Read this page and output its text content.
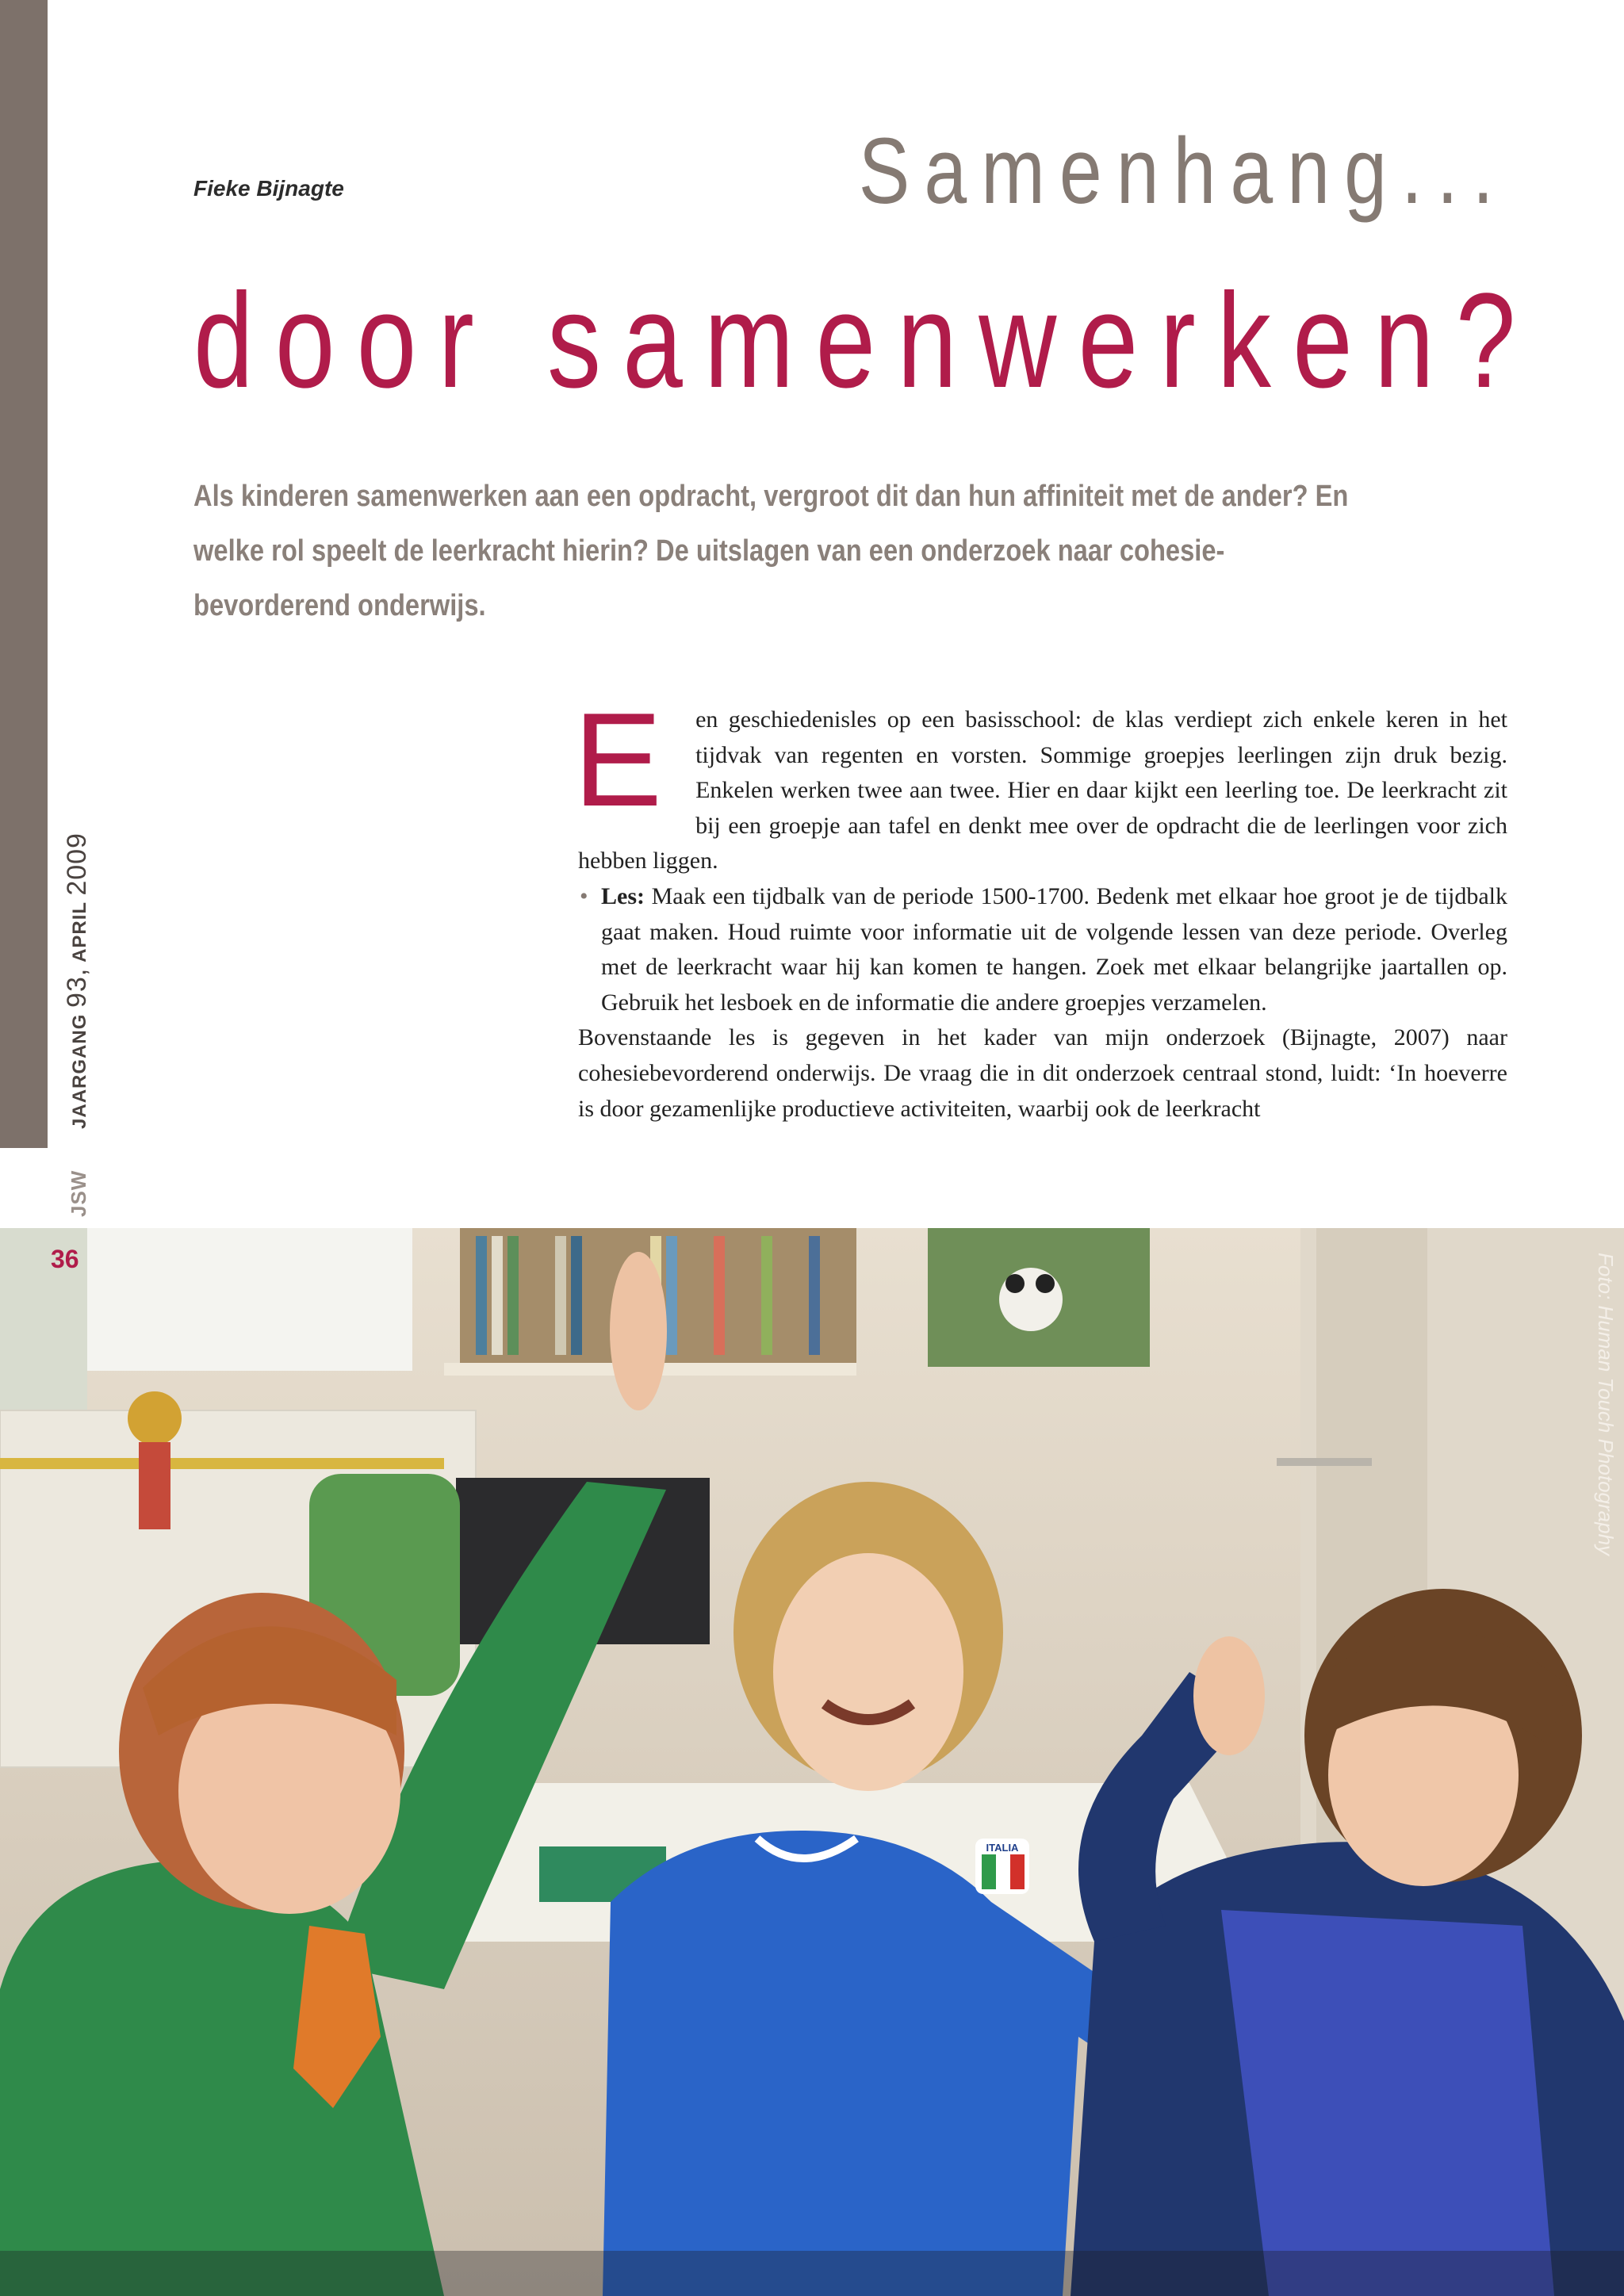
JSW JAARGANG 93, APRIL 2009
Fieke Bijnagte	Samenhang...
door samenwerken?
Als kinderen samenwerken aan een opdracht, vergroot dit dan hun affiniteit met de ander? En welke rol speelt de leerkracht hierin? De uitslagen van een onderzoek naar cohesie- bevorderend onderwijs.

E en geschiedenisles op een basisschool: de klas verdiept zich enkele keren in het tijdvak van regenten en vorsten. Sommige groepjes leerlingen zijn druk bezig. Enkelen werken twee aan twee. Hier en daar kijkt een leerling toe. De leerkracht zit bij een groepje aan tafel en denkt mee over de opdracht die de leerlingen voor zich hebben liggen.

• Les: Maak een tijdbalk van de periode 1500-1700. Bedenk met elkaar hoe groot je de tijdbalk gaat maken. Houd ruimte voor informatie uit de volgende lessen van deze periode. Overleg met de leerkracht waar hij kan komen te hangen. Zoek met elkaar belangrijke jaartallen op. Gebruik het lesboek en de informatie die andere groepjes verzamelen.

Bovenstaande les is gegeven in het kader van mijn onderzoek (Bijnagte, 2007) naar cohesiebevorderend onderwijs. De vraag die in dit onderzoek centraal stond, luidt: ‘In hoeverre is door gezamenlijke productieve activiteiten, waarbij ook de leerkracht

36
ITALIA
Foto: Human Touch Photography
